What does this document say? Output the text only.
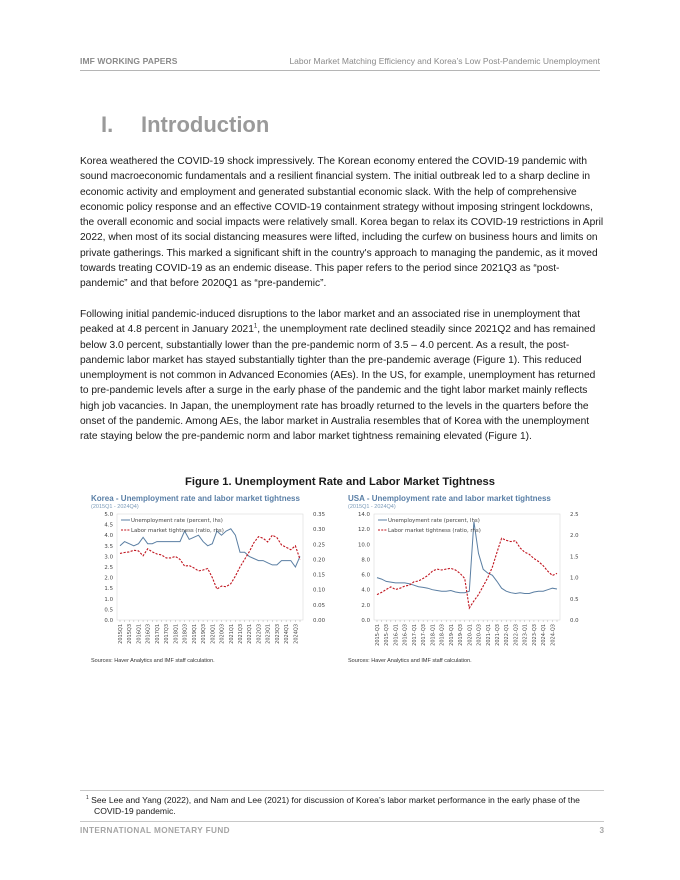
IMF WORKING PAPERS	Labor Market Matching Efficiency and Korea’s Low Post-Pandemic Unemployment
I. Introduction

Korea weathered the COVID-19 shock impressively. The Korean economy entered the COVID-19 pandemic with sound macroeconomic fundamentals and a resilient financial system. The initial outbreak led to a sharp decline in economic activity and employment and generated substantial economic slack. With the help of comprehensive economic policy response and an effective COVID-19 containment strategy without imposing stringent lockdowns, the overall economic and social impacts were relatively small. Korea began to relax its COVID-19 restrictions in April 2022, when most of its social distancing measures were lifted, including the curfew on business hours and limits on private gatherings. This marked a significant shift in the country's approach to managing the pandemic, as it moved towards treating COVID-19 as an endemic disease. This paper refers to the period since 2021Q3 as “post-pandemic” and that before 2020Q1 as “pre-pandemic”.

Following initial pandemic-induced disruptions to the labor market and an associated rise in unemployment that peaked at 4.8 percent in January 2021$^1$, the unemployment rate declined steadily since 2021Q2 and has remained below 3.0 percent, substantially lower than the pre-pandemic norm of 3.5 – 4.0 percent. As a result, the post-pandemic labor market has stayed substantially tighter than the pre-pandemic average (Figure 1). This reduced unemployment is not common in Advanced Economies (AEs). In the US, for example, unemployment has returned to pre-pandemic levels after a surge in the early phase of the pandemic and the tight labor market mainly reflects high job vacancies. In Japan, the unemployment rate has broadly returned to the levels in the quarters before the onset of the pandemic. Among AEs, the labor market in Australia resembles that of Korea with the unemployment rate staying below the pre-pandemic norm and labor market tightness remaining elevated (Figure 1).

Figure 1. Unemployment Rate and Labor Market Tightness
Korea - Unemployment rate and labor market tightness
(2015Q1 - 2024Q4)
0.0
0.5
1.0
1.5
2.0
2.5
3.0
3.5
4.0
4.5
5.0
0.00
0.05
0.10
0.15
0.20
0.25
0.30
0.35
2015Q1 2015Q3 2016Q1 2016Q3 2017Q1 2017Q3 2018Q1 2018Q3 2019Q1 2019Q3 2020Q1 2020Q3 2021Q1 2021Q3 2022Q1 2022Q3 2023Q1 2023Q3 2024Q1 2024Q3
Unemployment rate (percent, lhs)
Labor market tightness (ratio, rhs)
Sources: Haver Analytics and IMF staff calculation.
USA - Unemployment rate and labor market tightness
(2015Q1 - 2024Q4)
0.0
2.0
4.0
6.0
8.0
10.0
12.0
14.0
0.0
0.5
1.0
1.5
2.0
2.5
2015-Q1 2015-Q3 2016-Q1 2016-Q3 2017-Q1 2017-Q3 2018-Q1 2018-Q3 2019-Q1 2019-Q3 2020-Q1 2020-Q3 2021-Q1 2021-Q3 2022-Q1 2022-Q3 2023-Q1 2023-Q3 2024-Q1 2024-Q3
Unemployment rate (percent, lhs)
Labor market tightness (ratio, rhs)
Sources: Haver Analytics and IMF staff calculation.

$^1$ See Lee and Yang (2022), and Nam and Lee (2021) for discussion of Korea’s labor market performance in the early phase of the COVID-19 pandemic.

INTERNATIONAL MONETARY FUND	3
